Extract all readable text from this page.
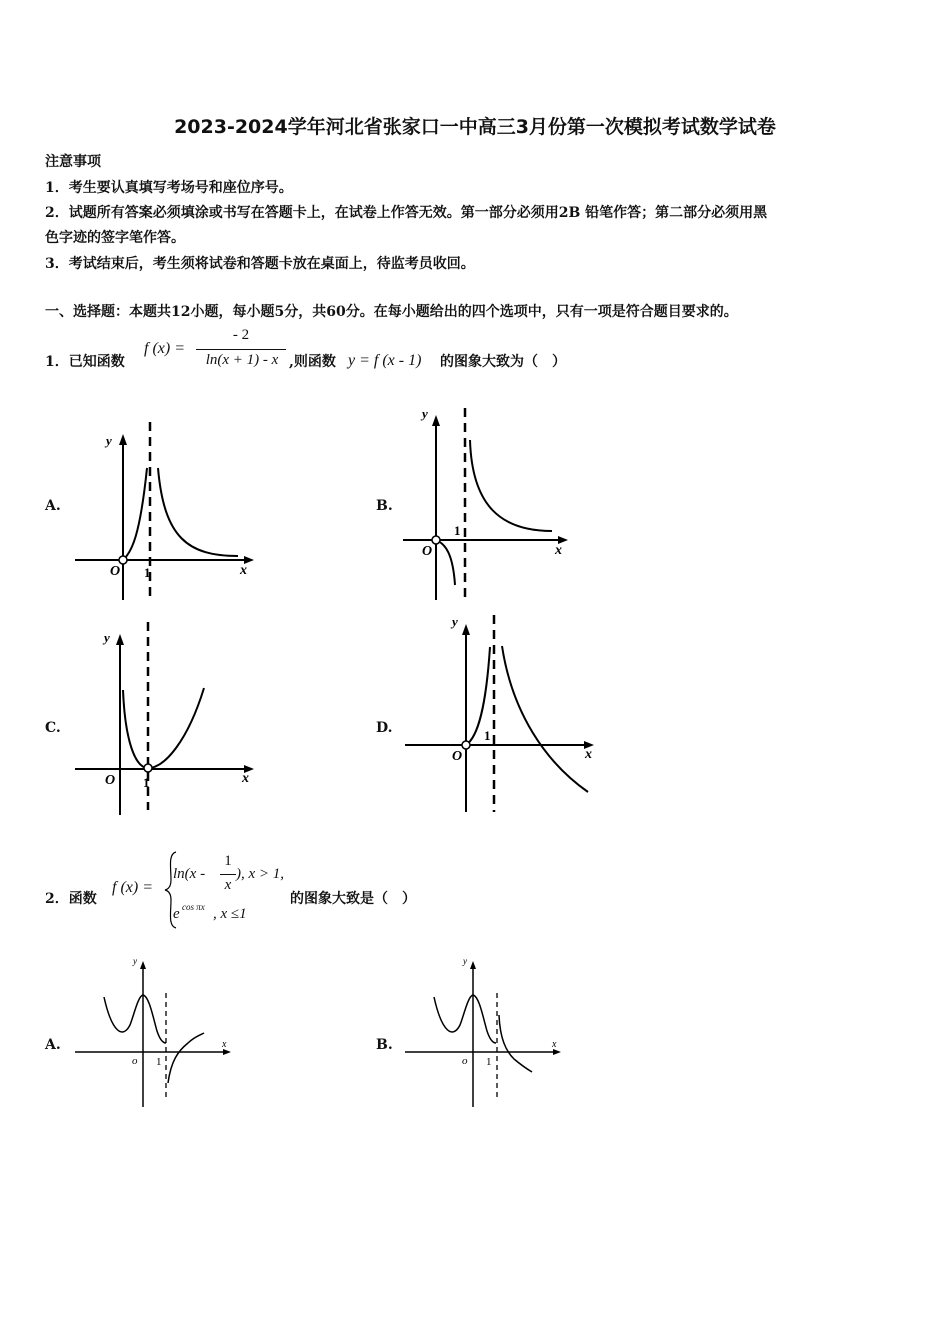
2023-2024学年河北省张家口一中高三3月份第一次模拟考试数学试卷
注意事项
1．考生要认真填写考场号和座位序号。
2．试题所有答案必须填涂或书写在答题卡上，在试卷上作答无效。第一部分必须用2B 铅笔作答；第二部分必须用黑
色字迹的签字笔作答。
3．考试结束后，考生须将试卷和答题卡放在桌面上，待监考员收回。
一、选择题：本题共12小题，每小题5分，共60分。在每小题给出的四个选项中，只有一项是符合题目要求的。
1．已知函数
f (x) =
- 2
ln(x + 1) - x ,则函数 y = f (x - 1) 的图象大致为（　）
A.	B.
C.	D.
y
O 1	x
y
O
1
x
y
O 1	x
y
O
1
x
2．函数
f (x) =
ln(x -
1
x
), x > 1,
e cos πx , x ≤1
的图象大致是（　）
A.	B.
y
o 1
x
y
o 1
x
